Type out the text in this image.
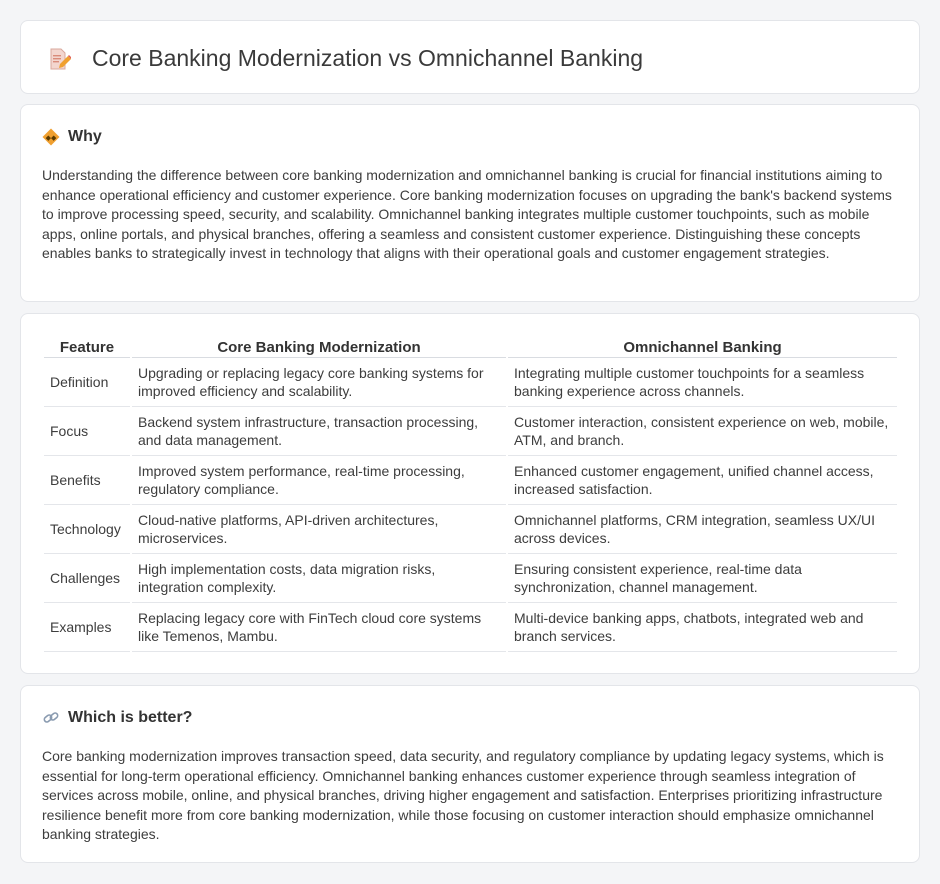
Core Banking Modernization vs Omnichannel Banking
◆◆ Why

Understanding the difference between core banking modernization and omnichannel banking is crucial for financial institutions aiming to enhance operational efficiency and customer experience. Core banking modernization focuses on upgrading the bank's backend systems to improve processing speed, security, and scalability. Omnichannel banking integrates multiple customer touchpoints, such as mobile apps, online portals, and physical branches, offering a seamless and consistent customer experience. Distinguishing these concepts enables banks to strategically invest in technology that aligns with their operational goals and customer engagement strategies.

Feature	Core Banking Modernization	Omnichannel Banking
Definition	Upgrading or replacing legacy core banking systems for improved efficiency and scalability.	Integrating multiple customer touchpoints for a seamless banking experience across channels.
Focus	Backend system infrastructure, transaction processing, and data management.	Customer interaction, consistent experience on web, mobile, ATM, and branch.
Benefits	Improved system performance, real-time processing, regulatory compliance.	Enhanced customer engagement, unified channel access, increased satisfaction.
Technology	Cloud-native platforms, API-driven architectures, microservices.	Omnichannel platforms, CRM integration, seamless UX/UI across devices.
Challenges	High implementation costs, data migration risks, integration complexity.	Ensuring consistent experience, real-time data synchronization, channel management.
Examples	Replacing legacy core with FinTech cloud core systems like Temenos, Mambu.	Multi-device banking apps, chatbots, integrated web and branch services.
Which is better?

Core banking modernization improves transaction speed, data security, and regulatory compliance by updating legacy systems, which is essential for long-term operational efficiency. Omnichannel banking enhances customer experience through seamless integration of services across mobile, online, and physical branches, driving higher engagement and satisfaction. Enterprises prioritizing infrastructure resilience benefit more from core banking modernization, while those focusing on customer interaction should emphasize omnichannel banking strategies.
